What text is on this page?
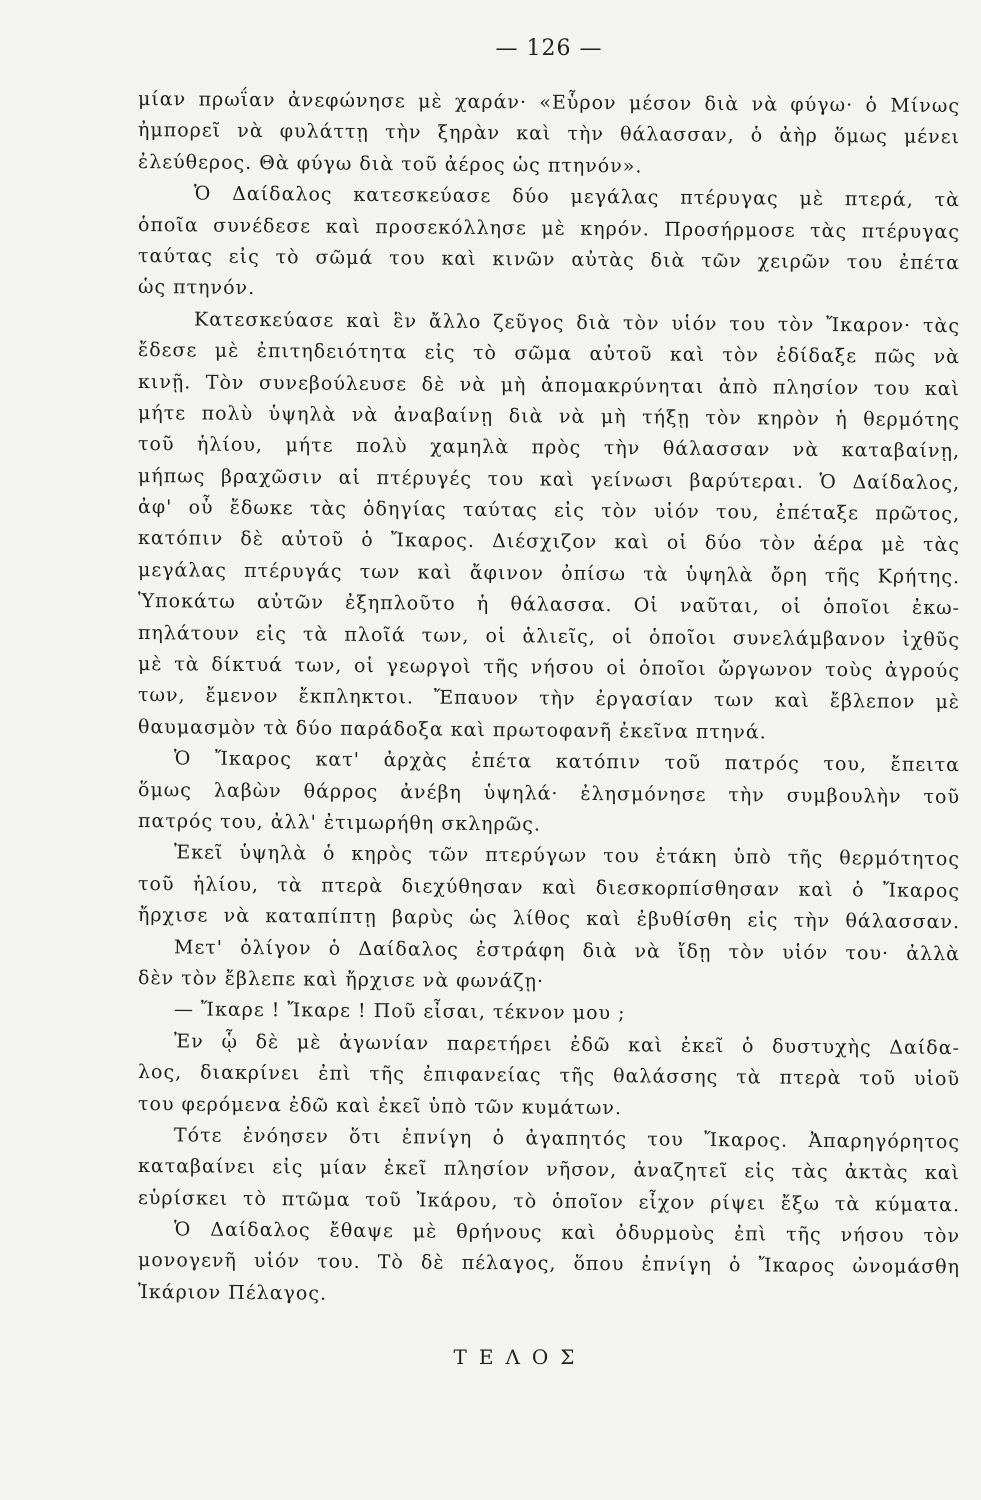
— 126 —
μίαν πρωΐαν ἀνεφώνησε μὲ χαράν· «Εὗρον μέσον διὰ νὰ φύγω· ὁ Μίνως
ἠμπορεῖ νὰ φυλάττῃ τὴν ξηρὰν καὶ τὴν θάλασσαν, ὁ ἀὴρ ὅμως μένει
ἐλεύθερος. Θὰ φύγω διὰ τοῦ ἀέρος ὡς πτηνόν».
Ὁ Δαίδαλος κατεσκεύασε δύο μεγάλας πτέρυγας μὲ πτερά, τὰ
ὁποῖα συνέδεσε καὶ προσεκόλλησε μὲ κηρόν. Προσήρμοσε τὰς πτέρυγας
ταύτας εἰς τὸ σῶμά του καὶ κινῶν αὐτὰς διὰ τῶν χειρῶν του ἐπέτα
ὡς πτηνόν.
Κατεσκεύασε καὶ ἓν ἄλλο ζεῦγος διὰ τὸν υἱόν του τὸν Ἴκαρον· τὰς
ἔδεσε μὲ ἐπιτηδειότητα εἰς τὸ σῶμα αὐτοῦ καὶ τὸν ἐδίδαξε πῶς νὰ
κινῇ. Τὸν συνεβούλευσε δὲ νὰ μὴ ἀπομακρύνηται ἀπὸ πλησίον του καὶ
μήτε πολὺ ὑψηλὰ νὰ ἀναβαίνῃ διὰ νὰ μὴ τήξῃ τὸν κηρὸν ἡ θερμότης
τοῦ ἡλίου, μήτε πολὺ χαμηλὰ πρὸς τὴν θάλασσαν νὰ καταβαίνῃ,
μήπως βραχῶσιν αἱ πτέρυγές του καὶ γείνωσι βαρύτεραι. Ὁ Δαίδαλος,
ἀφ' οὗ ἔδωκε τὰς ὁδηγίας ταύτας εἰς τὸν υἱόν του, ἐπέταξε πρῶτος,
κατόπιν δὲ αὐτοῦ ὁ Ἴκαρος. Διέσχιζον καὶ οἱ δύο τὸν ἀέρα μὲ τὰς
μεγάλας πτέρυγάς των καὶ ἄφινον ὀπίσω τὰ ὑψηλὰ ὄρη τῆς Κρήτης.
Ὑποκάτω αὐτῶν ἐξηπλοῦτο ἡ θάλασσα. Οἱ ναῦται, οἱ ὁποῖοι ἐκω-
πηλάτουν εἰς τὰ πλοῖά των, οἱ ἁλιεῖς, οἱ ὁποῖοι συνελάμβανον ἰχθῦς
μὲ τὰ δίκτυά των, οἱ γεωργοὶ τῆς νήσου οἱ ὁποῖοι ὤργωνον τοὺς ἀγρούς
των, ἔμενον ἔκπληκτοι. Ἔπαυον τὴν ἐργασίαν των καὶ ἔβλεπον μὲ
θαυμασμὸν τὰ δύο παράδοξα καὶ πρωτοφανῆ ἐκεῖνα πτηνά.
Ὁ Ἴκαρος κατ' ἀρχὰς ἐπέτα κατόπιν τοῦ πατρός του, ἔπειτα
ὅμως λαβὼν θάρρος ἀνέβη ὑψηλά· ἐλησμόνησε τὴν συμβουλὴν τοῦ
πατρός του, ἀλλ' ἐτιμωρήθη σκληρῶς.
Ἐκεῖ ὑψηλὰ ὁ κηρὸς τῶν πτερύγων του ἐτάκη ὑπὸ τῆς θερμότητος
τοῦ ἡλίου, τὰ πτερὰ διεχύθησαν καὶ διεσκορπίσθησαν καὶ ὁ Ἴκαρος
ἤρχισε νὰ καταπίπτῃ βαρὺς ὡς λίθος καὶ ἐβυθίσθη εἰς τὴν θάλασσαν.
Μετ' ὀλίγον ὁ Δαίδαλος ἐστράφη διὰ νὰ ἴδῃ τὸν υἱόν του· ἀλλὰ
δὲν τὸν ἔβλεπε καὶ ἤρχισε νὰ φωνάζῃ·
— Ἴκαρε ! Ἴκαρε ! Ποῦ εἶσαι, τέκνον μου ;
Ἐν ᾧ δὲ μὲ ἀγωνίαν παρετήρει ἐδῶ καὶ ἐκεῖ ὁ δυστυχὴς Δαίδα-
λος, διακρίνει ἐπὶ τῆς ἐπιφανείας τῆς θαλάσσης τὰ πτερὰ τοῦ υἱοῦ
του φερόμενα ἐδῶ καὶ ἐκεῖ ὑπὸ τῶν κυμάτων.
Τότε ἐνόησεν ὅτι ἐπνίγη ὁ ἀγαπητός του Ἴκαρος. Ἀπαρηγόρητος
καταβαίνει εἰς μίαν ἐκεῖ πλησίον νῆσον, ἀναζητεῖ εἰς τὰς ἀκτὰς καὶ
εὑρίσκει τὸ πτῶμα τοῦ Ἰκάρου, τὸ ὁποῖον εἶχον ρίψει ἔξω τὰ κύματα.
Ὁ Δαίδαλος ἔθαψε μὲ θρήνους καὶ ὀδυρμοὺς ἐπὶ τῆς νήσου τὸν
μονογενῆ υἱόν του. Τὸ δὲ πέλαγος, ὅπου ἐπνίγη ὁ Ἴκαρος ὠνομάσθη
Ἰκάριον Πέλαγος.
ΤΕΛΟΣ
